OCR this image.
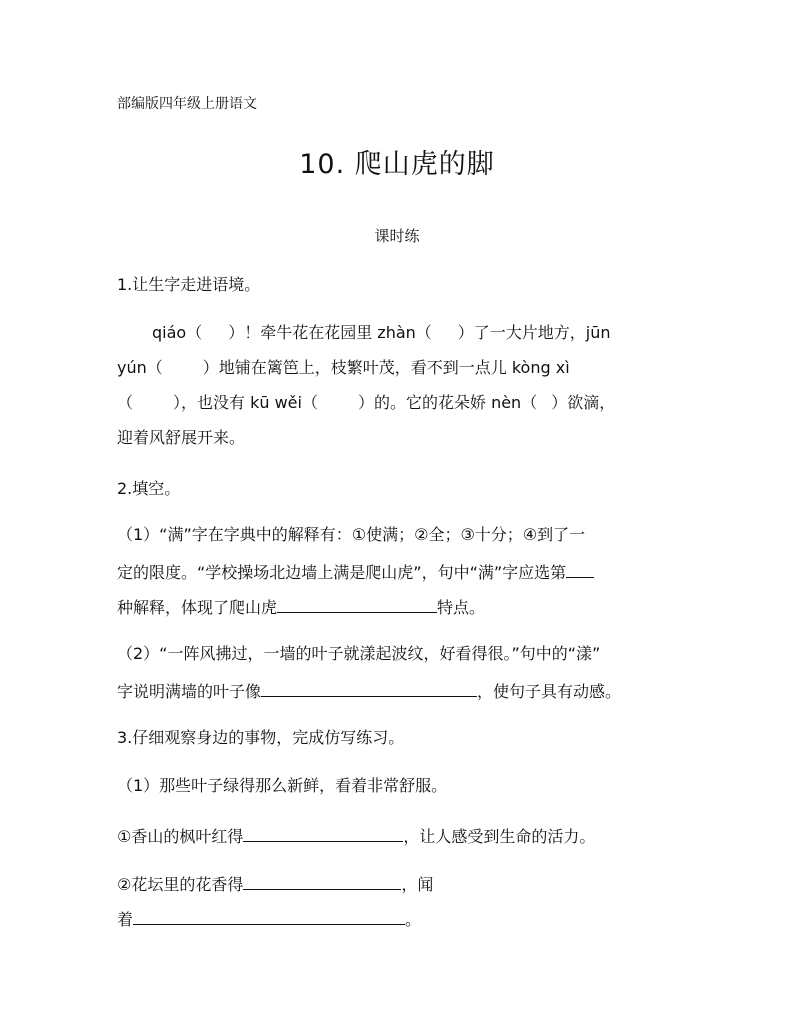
部编版四年级上册语文
10. 爬山虎的脚
课时练
1.让生字走进语境。
qiáo（ ）！牵牛花在花园里 zhàn（ ）了一大片地方，jūn
yún（	）地铺在篱笆上，枝繁叶茂，看不到一点儿 kòng xì
（	），也没有 kū wěi（	）的。它的花朵娇 nèn（ ）欲滴，
迎着风舒展开来。
2.填空。
（1）“满”字在字典中的解释有：①使满；②全；③十分；④到了一
定的限度。“学校操场北边墙上满是爬山虎”，句中“满”字应选第
种解释，体现了爬山虎	特点。
（2）“一阵风拂过，一墙的叶子就漾起波纹，好看得很。”句中的“漾”
字说明满墙的叶子像	，使句子具有动感。
3.仔细观察身边的事物，完成仿写练习。
（1）那些叶子绿得那么新鲜，看着非常舒服。
①香山的枫叶红得	，让人感受到生命的活力。
②花坛里的花香得	，闻
着	。
